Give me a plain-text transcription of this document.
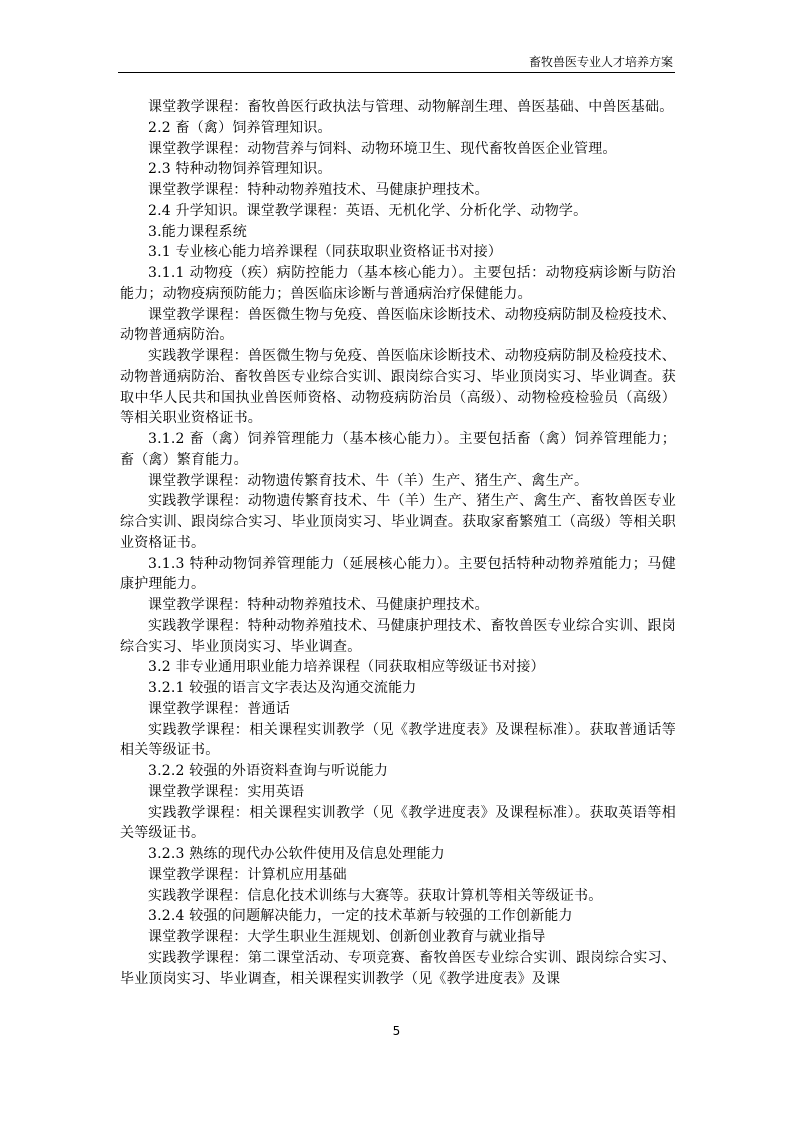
畜牧兽医专业人才培养方案

课堂教学课程：畜牧兽医行政执法与管理、动物解剖生理、兽医基础、中兽医基础。

2.2 畜（禽）饲养管理知识。

课堂教学课程：动物营养与饲料、动物环境卫生、现代畜牧兽医企业管理。

2.3 特种动物饲养管理知识。

课堂教学课程：特种动物养殖技术、马健康护理技术。

2.4 升学知识。课堂教学课程：英语、无机化学、分析化学、动物学。

3.能力课程系统

3.1 专业核心能力培养课程（同获取职业资格证书对接）

3.1.1 动物疫（疾）病防控能力（基本核心能力）。主要包括：动物疫病诊断与防治能力；动物疫病预防能力；兽医临床诊断与普通病治疗保健能力。

课堂教学课程：兽医微生物与免疫、兽医临床诊断技术、动物疫病防制及检疫技术、动物普通病防治。

实践教学课程：兽医微生物与免疫、兽医临床诊断技术、动物疫病防制及检疫技术、动物普通病防治、畜牧兽医专业综合实训、跟岗综合实习、毕业顶岗实习、毕业调查。获取中华人民共和国执业兽医师资格、动物疫病防治员（高级）、动物检疫检验员（高级）等相关职业资格证书。

3.1.2 畜（禽）饲养管理能力（基本核心能力）。主要包括畜（禽）饲养管理能力；畜（禽）繁育能力。

课堂教学课程：动物遗传繁育技术、牛（羊）生产、猪生产、禽生产。

实践教学课程：动物遗传繁育技术、牛（羊）生产、猪生产、禽生产、畜牧兽医专业综合实训、跟岗综合实习、毕业顶岗实习、毕业调查。获取家畜繁殖工（高级）等相关职业资格证书。

3.1.3 特种动物饲养管理能力（延展核心能力）。主要包括特种动物养殖能力；马健康护理能力。

课堂教学课程：特种动物养殖技术、马健康护理技术。

实践教学课程：特种动物养殖技术、马健康护理技术、畜牧兽医专业综合实训、跟岗综合实习、毕业顶岗实习、毕业调查。

3.2 非专业通用职业能力培养课程（同获取相应等级证书对接）

3.2.1 较强的语言文字表达及沟通交流能力

课堂教学课程：普通话

实践教学课程：相关课程实训教学（见《教学进度表》及课程标准）。获取普通话等相关等级证书。

3.2.2 较强的外语资料查询与听说能力

课堂教学课程：实用英语

实践教学课程：相关课程实训教学（见《教学进度表》及课程标准）。获取英语等相关等级证书。

3.2.3 熟练的现代办公软件使用及信息处理能力

课堂教学课程：计算机应用基础

实践教学课程：信息化技术训练与大赛等。获取计算机等相关等级证书。

3.2.4 较强的问题解决能力，一定的技术革新与较强的工作创新能力

课堂教学课程：大学生职业生涯规划、创新创业教育与就业指导

实践教学课程：第二课堂活动、专项竞赛、畜牧兽医专业综合实训、跟岗综合实习、毕业顶岗实习、毕业调查，相关课程实训教学（见《教学进度表》及课

5
